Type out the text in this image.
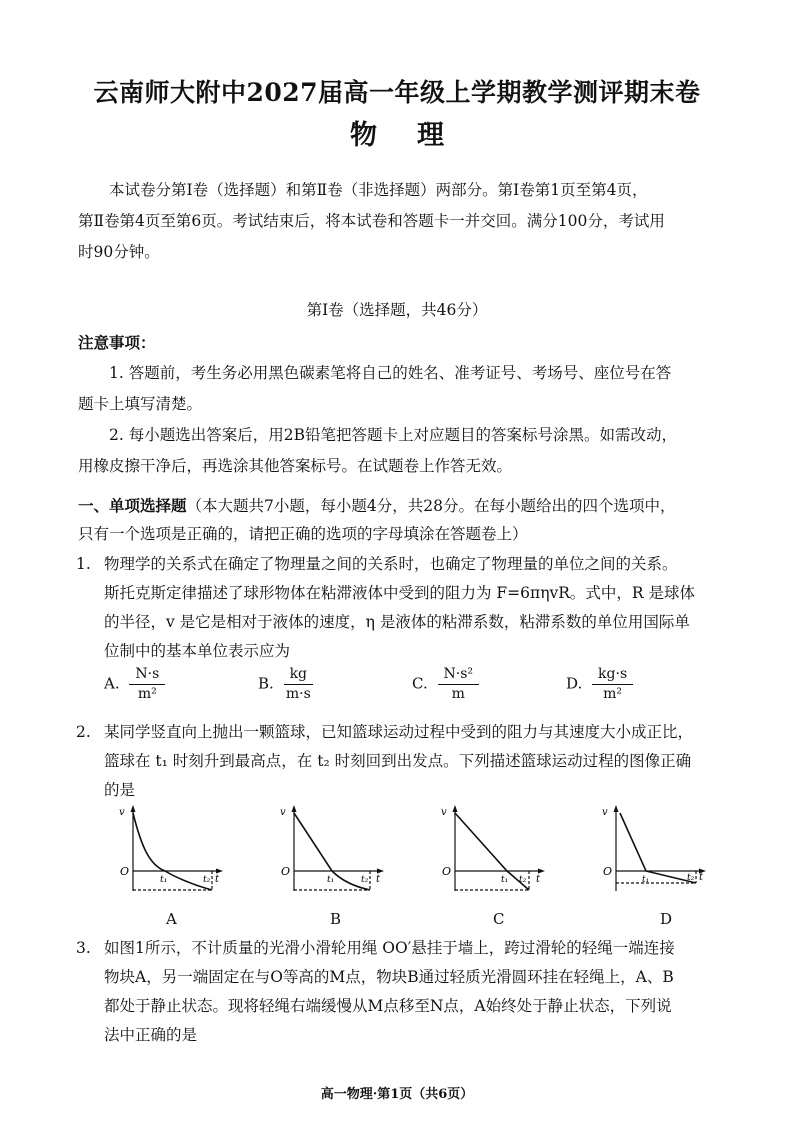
云南师大附中2027届高一年级上学期教学测评期末卷
物 理
本试卷分第Ⅰ卷（选择题）和第Ⅱ卷（非选择题）两部分。第Ⅰ卷第1页至第4页，
第Ⅱ卷第4页至第6页。考试结束后，将本试卷和答题卡一并交回。满分100分，考试用
时90分钟。
第Ⅰ卷（选择题，共46分）
注意事项：
1. 答题前，考生务必用黑色碳素笔将自己的姓名、准考证号、考场号、座位号在答
题卡上填写清楚。
2. 每小题选出答案后，用2B铅笔把答题卡上对应题目的答案标号涂黑。如需改动，
用橡皮擦干净后，再选涂其他答案标号。在试题卷上作答无效。
一、单项选择题（本大题共7小题，每小题4分，共28分。在每小题给出的四个选项中，
只有一个选项是正确的，请把正确的选项的字母填涂在答题卷上）
1. 物理学的关系式在确定了物理量之间的关系时，也确定了物理量的单位之间的关系。
斯托克斯定律描述了球形物体在粘滞液体中受到的阻力为 F=6πηvR。式中，R 是球体
的半径，v 是它是相对于液体的速度，η 是液体的粘滞系数，粘滞系数的单位用国际单
位制中的基本单位表示应为
A. $\frac{N\cdot s}{\text{m²}}$	B. $\frac{kg}{m\cdot s}$	C. $\frac{\text{N·s²}}{m}$	D. $\frac{kg\cdot s}{\text{m²}}$
2. 某同学竖直向上抛出一颗篮球，已知篮球运动过程中受到的阻力与其速度大小成正比，
篮球在 t₁ 时刻升到最高点，在 t₂ 时刻回到出发点。下列描述篮球运动过程的图像正确
的是
v
O
t₁	t₂ t
A
v
O
t₁	t₂ t
B
v
O
t₁ t₂ t
C
v
O
t₁	t₂ t
D
3. 如图1所示，不计质量的光滑小滑轮用绳 OO′悬挂于墙上，跨过滑轮的轻绳一端连接
物块A，另一端固定在与O等高的M点，物块B通过轻质光滑圆环挂在轻绳上，A、B
都处于静止状态。现将轻绳右端缓慢从M点移至N点，A始终处于静止状态，下列说
法中正确的是
高一物理·第1页（共6页）
